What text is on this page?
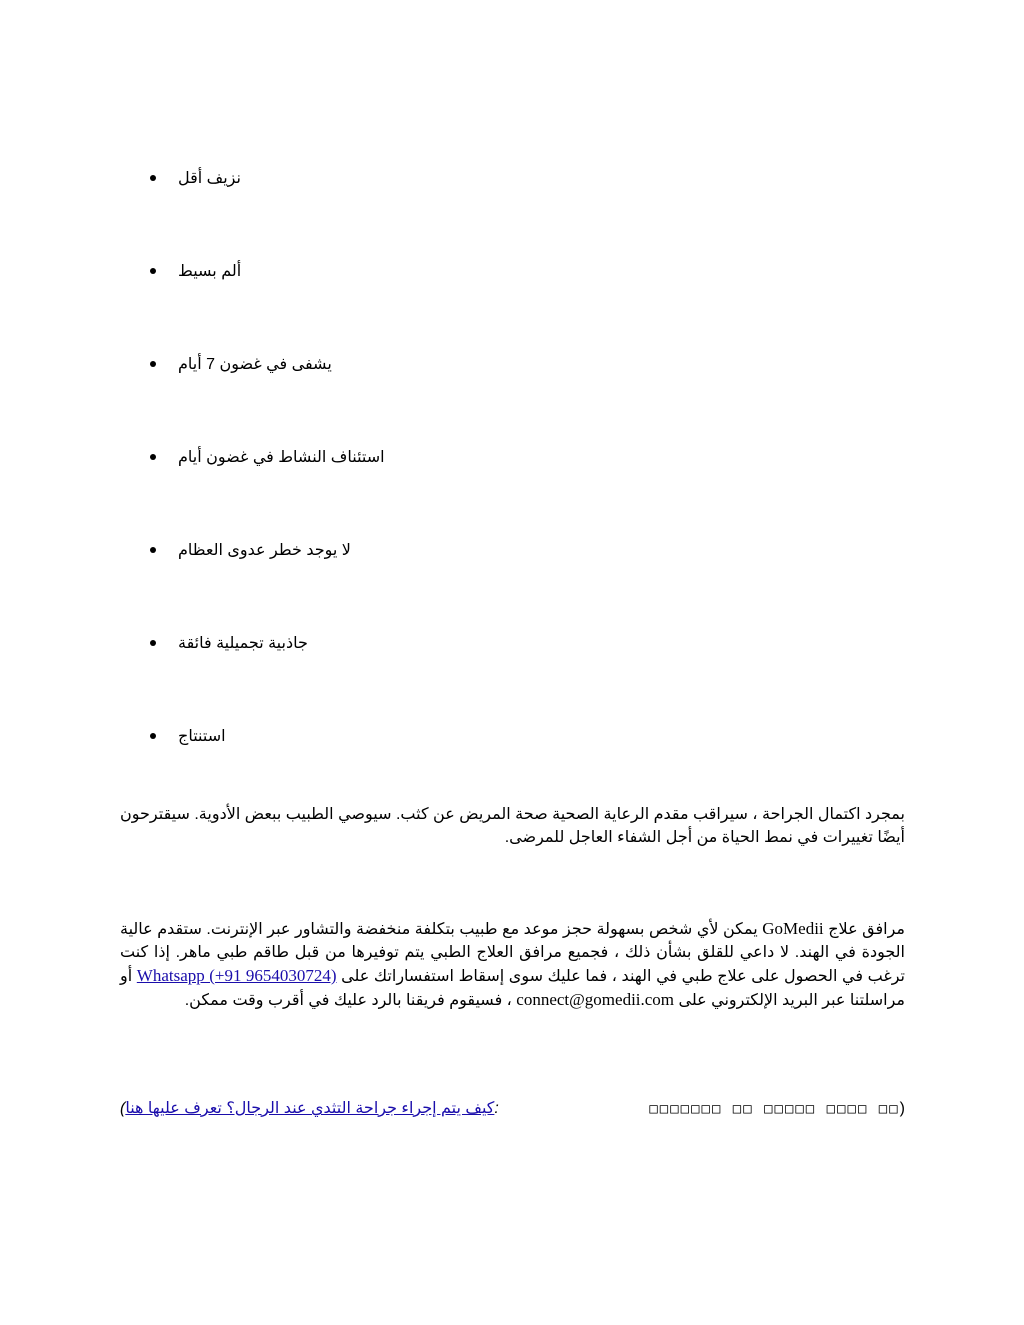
نزيف أقل
ألم بسيط
يشفى في غضون 7 أيام
استئناف النشاط في غضون أيام
لا يوجد خطر عدوى العظام
جاذبية تجميلية فائقة
استنتاج

بمجرد اكتمال الجراحة ، سيراقب مقدم الرعاية الصحية صحة المريض عن كثب. سيوصي الطبيب ببعض الأدوية. سيقترحون أيضًا تغييرات في نمط الحياة من أجل الشفاء العاجل للمرضى.

مرافق علاج GoMedii يمكن لأي شخص بسهولة حجز موعد مع طبيب بتكلفة منخفضة والتشاور عبر الإنترنت. ستقدم عالية الجودة في الهند. لا داعي للقلق بشأن ذلك ، فجميع مرافق العلاج الطبي يتم توفيرها من قبل طاقم طبي ماهر. إذا كنت ترغب في الحصول على علاج طبي في الهند ، فما عليك سوى إسقاط استفساراتك على Whatsapp (+91 9654030724) أو مراسلتنا عبر البريد الإلكتروني على connect@gomedii.com ، فسيقوم فريقنا بالرد عليك في أقرب وقت ممكن.

(كيف يتم إجراء جراحة التثدي عند الرجال؟ تعرف عليها هنا:	□□□□□□□ □□ □□□□□ □□□□ □□)
